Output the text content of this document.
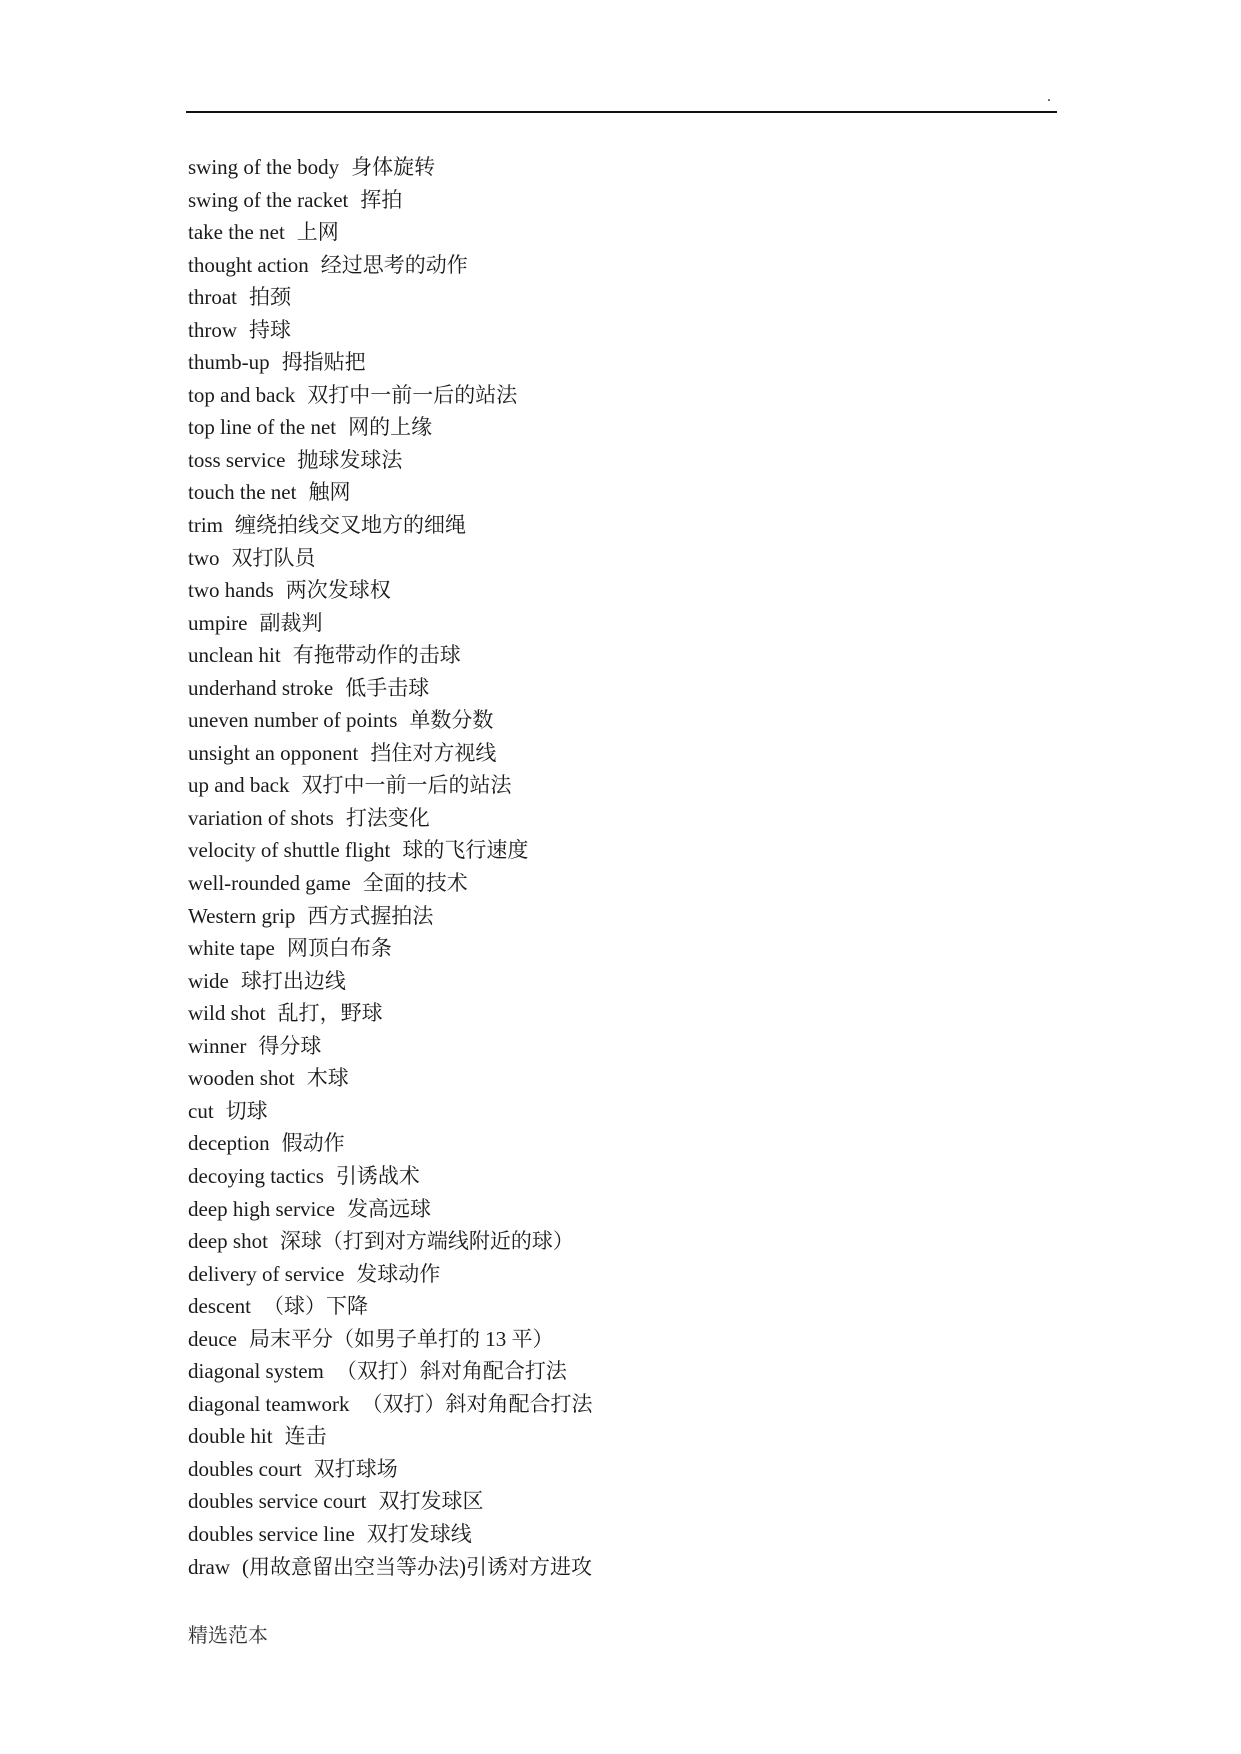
.
swing of the body 身体旋转
swing of the racket 挥拍
take the net 上网
thought action 经过思考的动作
throat 拍颈
throw 持球
thumb-up 拇指贴把
top and back 双打中一前一后的站法
top line of the net 网的上缘
toss service 抛球发球法
touch the net 触网
trim 缠绕拍线交叉地方的细绳
two 双打队员
two hands 两次发球权
umpire 副裁判
unclean hit 有拖带动作的击球
underhand stroke 低手击球
uneven number of points 单数分数
unsight an opponent 挡住对方视线
up and back 双打中一前一后的站法
variation of shots 打法变化
velocity of shuttle flight 球的飞行速度
well-rounded game 全面的技术
Western grip 西方式握拍法
white tape 网顶白布条
wide 球打出边线
wild shot 乱打，野球
winner 得分球
wooden shot 木球
cut 切球
deception 假动作
decoying tactics 引诱战术
deep high service 发高远球
deep shot 深球（打到对方端线附近的球）
delivery of service 发球动作
descent （球）下降
deuce 局末平分（如男子单打的 13 平）
diagonal system （双打）斜对角配合打法
diagonal teamwork （双打）斜对角配合打法
double hit 连击
doubles court 双打球场
doubles service court 双打发球区
doubles service line 双打发球线
draw (用故意留出空当等办法)引诱对方进攻
精选范本
